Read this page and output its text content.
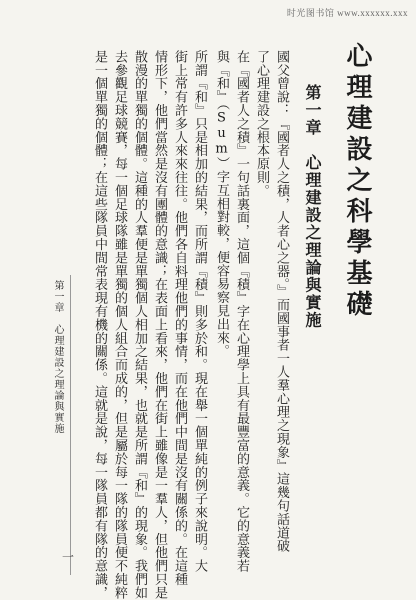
时光图书馆 www.xxxxxx.xxx
心理建設之科學基礎
第一章　心理建設之理論與實施
國父曾說：『國者人之積，人者心之器。』而國事者一人羣心理之現象』這幾句話道破
了心理建設之根本原則。
在『國者人之積』一句話裏面，這個『積』字在心理學上具有最豐富的意義。它的意義若
與『和』（Sum）字互相對較，便容易察見出來。
所謂『和』只是相加的結果，而所謂『積』則多於和。現在舉一個單純的例子來說明。大
街上常有許多人來來往往。他們各自料理他們的事情，而在他們中間是沒有關係的。在這種
情形下，他們當然是沒有團體的意識；在表面上看來，他們在街上雖像是一羣人，但他們只是
散漫的單獨的個體。這種的人羣便是單獨個人相加之結果，也就是所謂『和』的現象。我們如
去參觀足球競賽，每一個足球隊雖是單獨的個人組合而成的，但是屬於每一隊的隊員便不純粹
是一個單獨的個體；在這些隊員中間常表現有機的關係。這就是說，每一隊員都有隊的意識，
第一章　心理建設之理論與實施
一
